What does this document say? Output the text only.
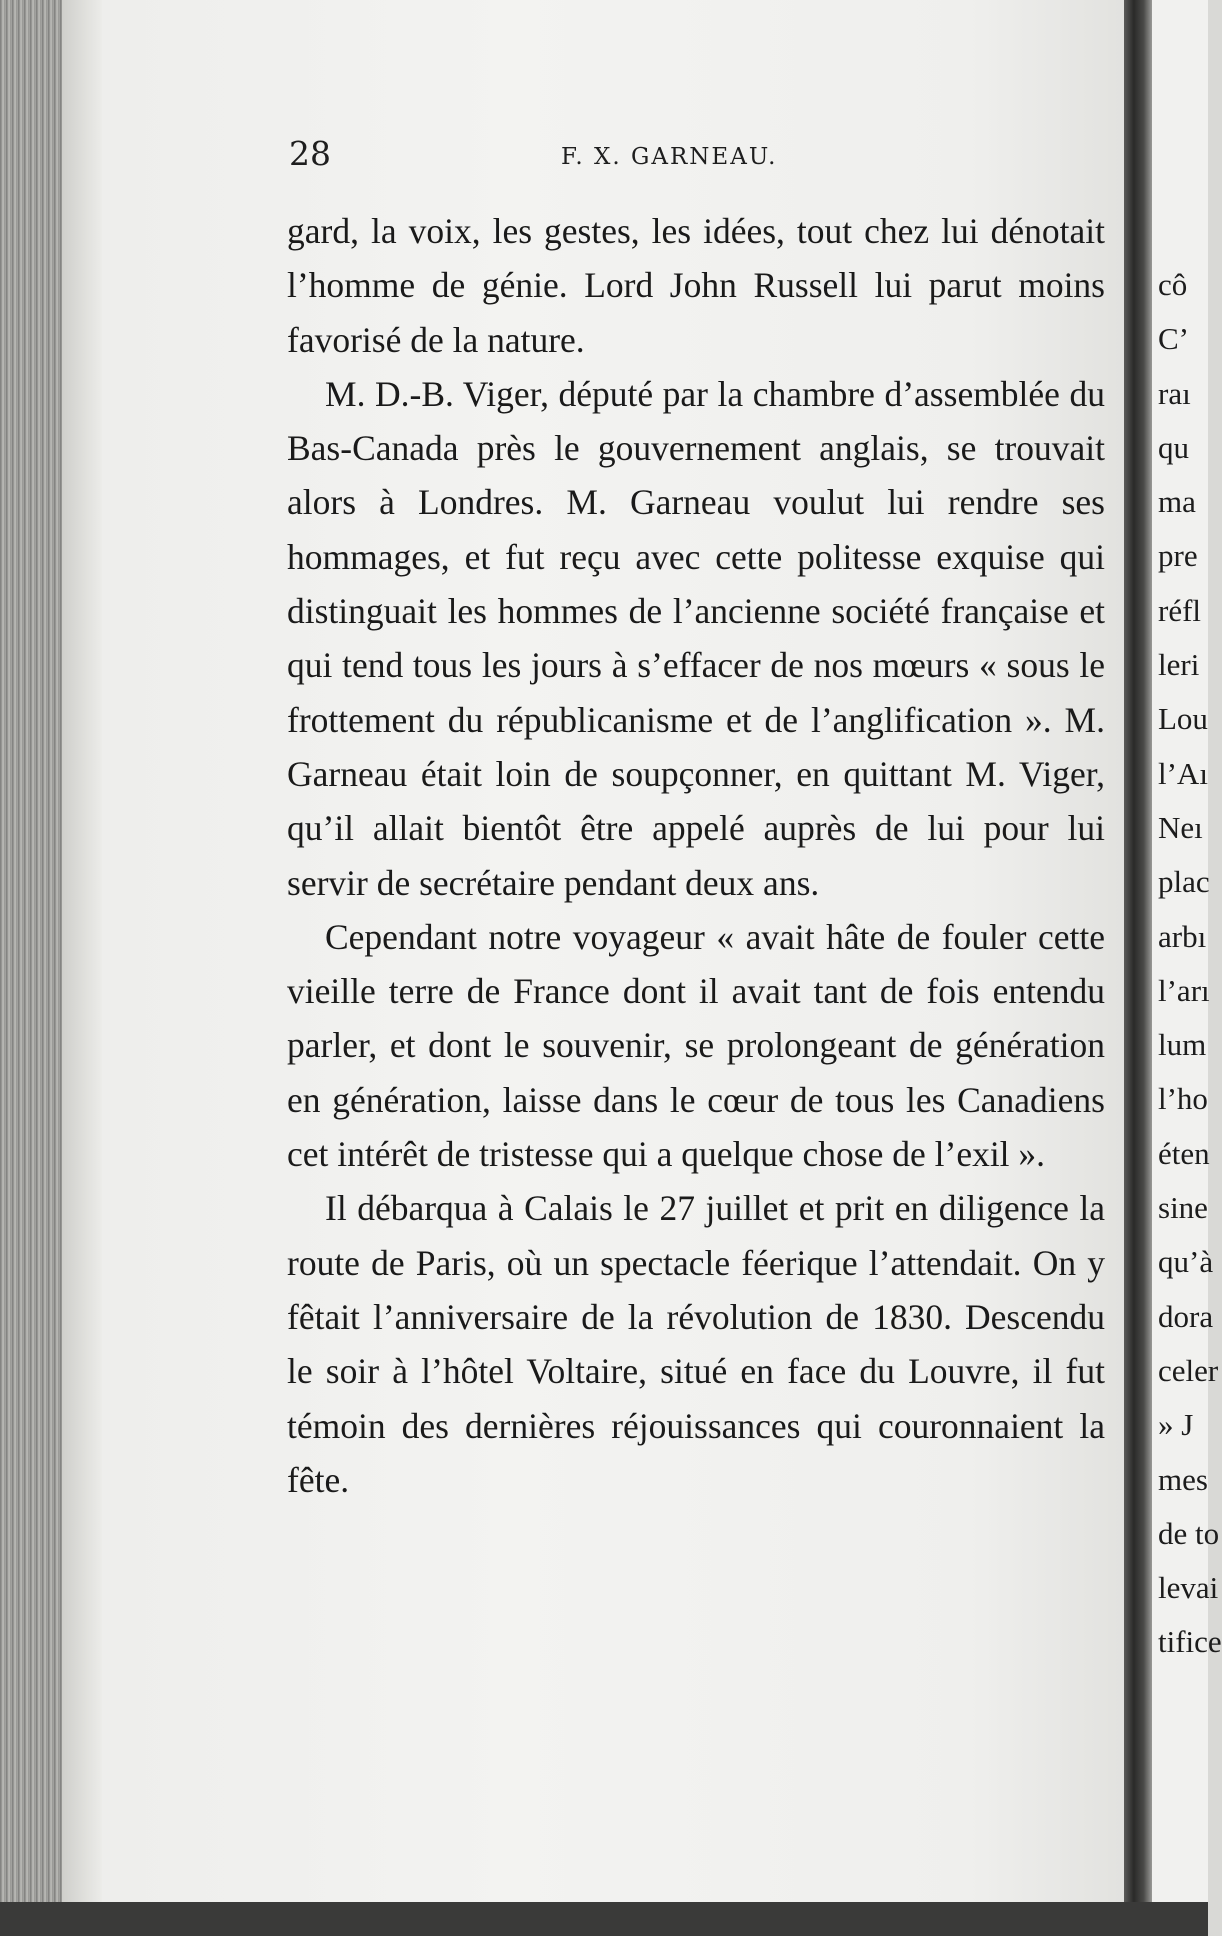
28	F. X. GARNEAU.

gard, la voix, les gestes, les idées, tout chez lui dénotait l’homme de génie. Lord John Russell lui parut moins favorisé de la nature.

M. D.-B. Viger, député par la chambre d’assemblée du Bas-Canada près le gouvernement anglais, se trouvait alors à Londres. M. Garneau voulut lui rendre ses hommages, et fut reçu avec cette politesse exquise qui distinguait les hommes de l’ancienne société française et qui tend tous les jours à s’effacer de nos mœurs « sous le frottement du républicanisme et de l’anglification ». M. Garneau était loin de soupçonner, en quittant M. Viger, qu’il allait bientôt être appelé auprès de lui pour lui servir de secrétaire pendant deux ans.

Cependant notre voyageur « avait hâte de fouler cette vieille terre de France dont il avait tant de fois entendu parler, et dont le souvenir, se prolongeant de génération en génération, laisse dans le cœur de tous les Canadiens cet intérêt de tristesse qui a quelque chose de l’exil ».

Il débarqua à Calais le 27 juillet et prit en diligence la route de Paris, où un spectacle féerique l’attendait. On y fêtait l’anniversaire de la révolution de 1830. Descendu le soir à l’hôtel Voltaire, situé en face du Louvre, il fut témoin des dernières réjouissances qui couronnaient la fête.

cô
C’
raı
qu
ma
pre
réfl
leri
Lou
l’Aı
Neı
plac
arbı
l’arı
lum
l’ho
éten
sine
qu’à
dora
celer
» J
mes
de to
levai
tifice
